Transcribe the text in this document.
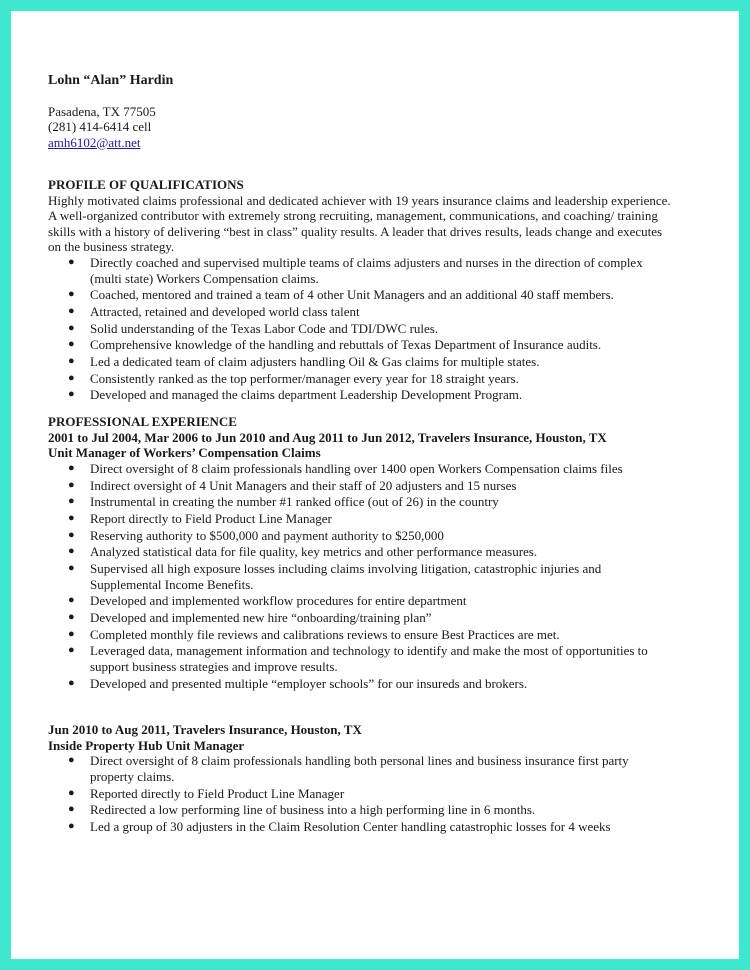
Lohn “Alan” Hardin
Pasadena, TX 77505
(281) 414-6414 cell
amh6102@att.net
PROFILE OF QUALIFICATIONS
Highly motivated claims professional and dedicated achiever with 19 years insurance claims and leadership experience.
A well-organized contributor with extremely strong recruiting, management, communications, and coaching/ training
skills with a history of delivering “best in class” quality results. A leader that drives results, leads change and executes
on the business strategy.
● Directly coached and supervised multiple teams of claims adjusters and nurses in the direction of complex
(multi state) Workers Compensation claims.
● Coached, mentored and trained a team of 4 other Unit Managers and an additional 40 staff members.
● Attracted, retained and developed world class talent
● Solid understanding of the Texas Labor Code and TDI/DWC rules.
● Comprehensive knowledge of the handling and rebuttals of Texas Department of Insurance audits.
● Led a dedicated team of claim adjusters handling Oil & Gas claims for multiple states.
● Consistently ranked as the top performer/manager every year for 18 straight years.
● Developed and managed the claims department Leadership Development Program.
PROFESSIONAL EXPERIENCE
2001 to Jul 2004, Mar 2006 to Jun 2010 and Aug 2011 to Jun 2012, Travelers Insurance, Houston, TX
Unit Manager of Workers’ Compensation Claims
● Direct oversight of 8 claim professionals handling over 1400 open Workers Compensation claims files
● Indirect oversight of 4 Unit Managers and their staff of 20 adjusters and 15 nurses
● Instrumental in creating the number #1 ranked office (out of 26) in the country
● Report directly to Field Product Line Manager
● Reserving authority to $500,000 and payment authority to $250,000
● Analyzed statistical data for file quality, key metrics and other performance measures.
● Supervised all high exposure losses including claims involving litigation, catastrophic injuries and
Supplemental Income Benefits.
● Developed and implemented workflow procedures for entire department
● Developed and implemented new hire “onboarding/training plan”
● Completed monthly file reviews and calibrations reviews to ensure Best Practices are met.
● Leveraged data, management information and technology to identify and make the most of opportunities to
support business strategies and improve results.
● Developed and presented multiple “employer schools” for our insureds and brokers.
Jun 2010 to Aug 2011, Travelers Insurance, Houston, TX
Inside Property Hub Unit Manager
● Direct oversight of 8 claim professionals handling both personal lines and business insurance first party
property claims.
● Reported directly to Field Product Line Manager
● Redirected a low performing line of business into a high performing line in 6 months.
● Led a group of 30 adjusters in the Claim Resolution Center handling catastrophic losses for 4 weeks
